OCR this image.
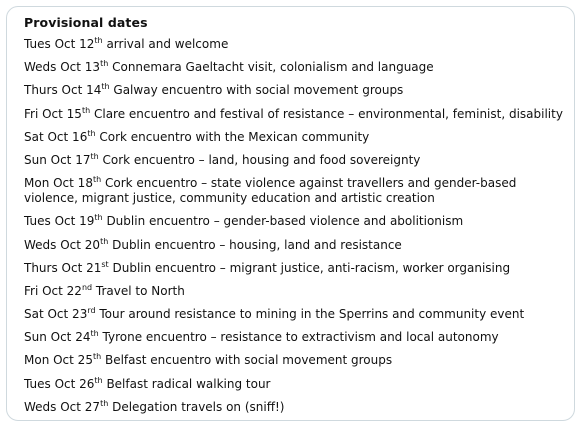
Provisional dates
Tues Oct 12th arrival and welcome
Weds Oct 13th Connemara Gaeltacht visit, colonialism and language
Thurs Oct 14th Galway encuentro with social movement groups
Fri Oct 15th Clare encuentro and festival of resistance – environmental, feminist, disability
Sat Oct 16th Cork encuentro with the Mexican community
Sun Oct 17th Cork encuentro – land, housing and food sovereignty
Mon Oct 18th Cork encuentro – state violence against travellers and gender-based violence, migrant justice, community education and artistic creation
Tues Oct 19th Dublin encuentro – gender-based violence and abolitionism
Weds Oct 20th Dublin encuentro – housing, land and resistance
Thurs Oct 21st Dublin encuentro – migrant justice, anti-racism, worker organising
Fri Oct 22nd Travel to North
Sat Oct 23rd Tour around resistance to mining in the Sperrins and community event
Sun Oct 24th Tyrone encuentro – resistance to extractivism and local autonomy
Mon Oct 25th Belfast encuentro with social movement groups
Tues Oct 26th Belfast radical walking tour
Weds Oct 27th Delegation travels on (sniff!)
